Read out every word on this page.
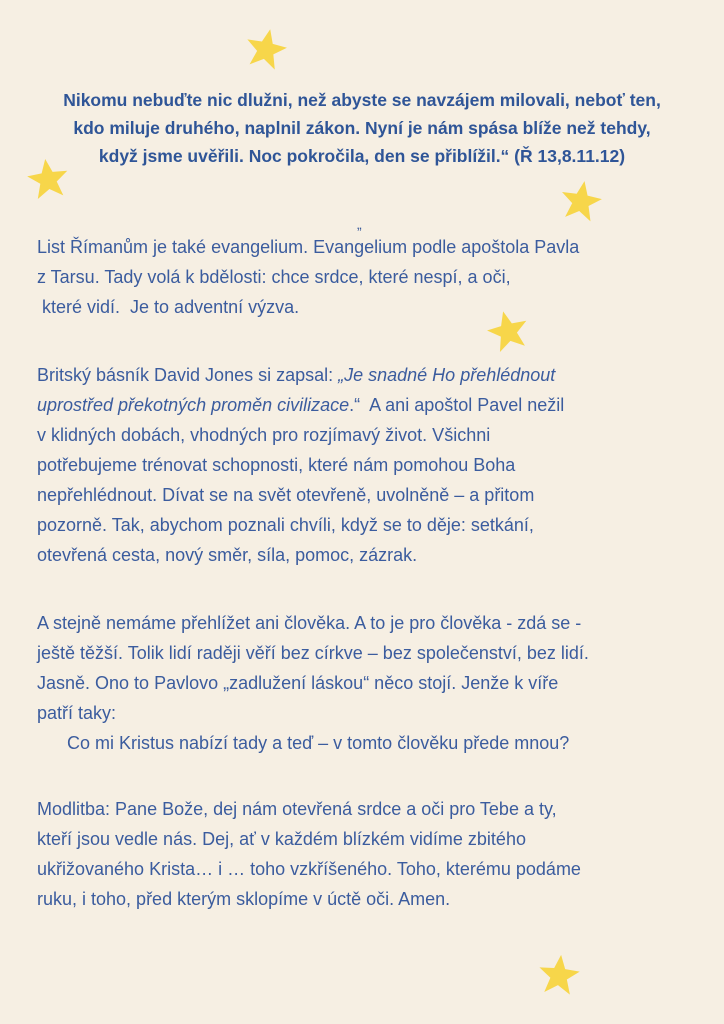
Nikomu nebuďte nic dlužni, než abyste se navzájem milovali, neboť ten,
kdo miluje druhého, naplnil zákon. Nyní je nám spása blíže než tehdy,
když jsme uvěřili. Noc pokročila, den se přiblížil.“ (Ř 13,8.11.12)
„
List Římanům je také evangelium. Evangelium podle apoštola Pavla
z Tarsu. Tady volá k bdělosti: chce srdce, které nespí, a oči,
které vidí.  Je to adventní výzva.
Britský básník David Jones si zapsal: „Je snadné Ho přehlédnout
uprostřed překotných proměn civilizace.“  A ani apoštol Pavel nežil
v klidných dobách, vhodných pro rozjímavý život. Všichni
potřebujeme trénovat schopnosti, které nám pomohou Boha
nepřehlédnout. Dívat se na svět otevřeně, uvolněně – a přitom
pozorně. Tak, abychom poznali chvíli, když se to děje: setkání,
otevřená cesta, nový směr, síla, pomoc, zázrak.
A stejně nemáme přehlížet ani člověka. A to je pro člověka - zdá se -
ještě těžší. Tolik lidí raději věří bez církve – bez společenství, bez lidí.
Jasně. Ono to Pavlovo „zadlužení láskou“ něco stojí. Jenže k víře
patří taky:
Co mi Kristus nabízí tady a teď – v tomto člověku přede mnou?
Modlitba: Pane Bože, dej nám otevřená srdce a oči pro Tebe a ty,
kteří jsou vedle nás. Dej, ať v každém blízkém vidíme zbitého
ukřižovaného Krista… i … toho vzkříšeného. Toho, kterému podáme
ruku, i toho, před kterým sklopíme v úctě oči. Amen.
